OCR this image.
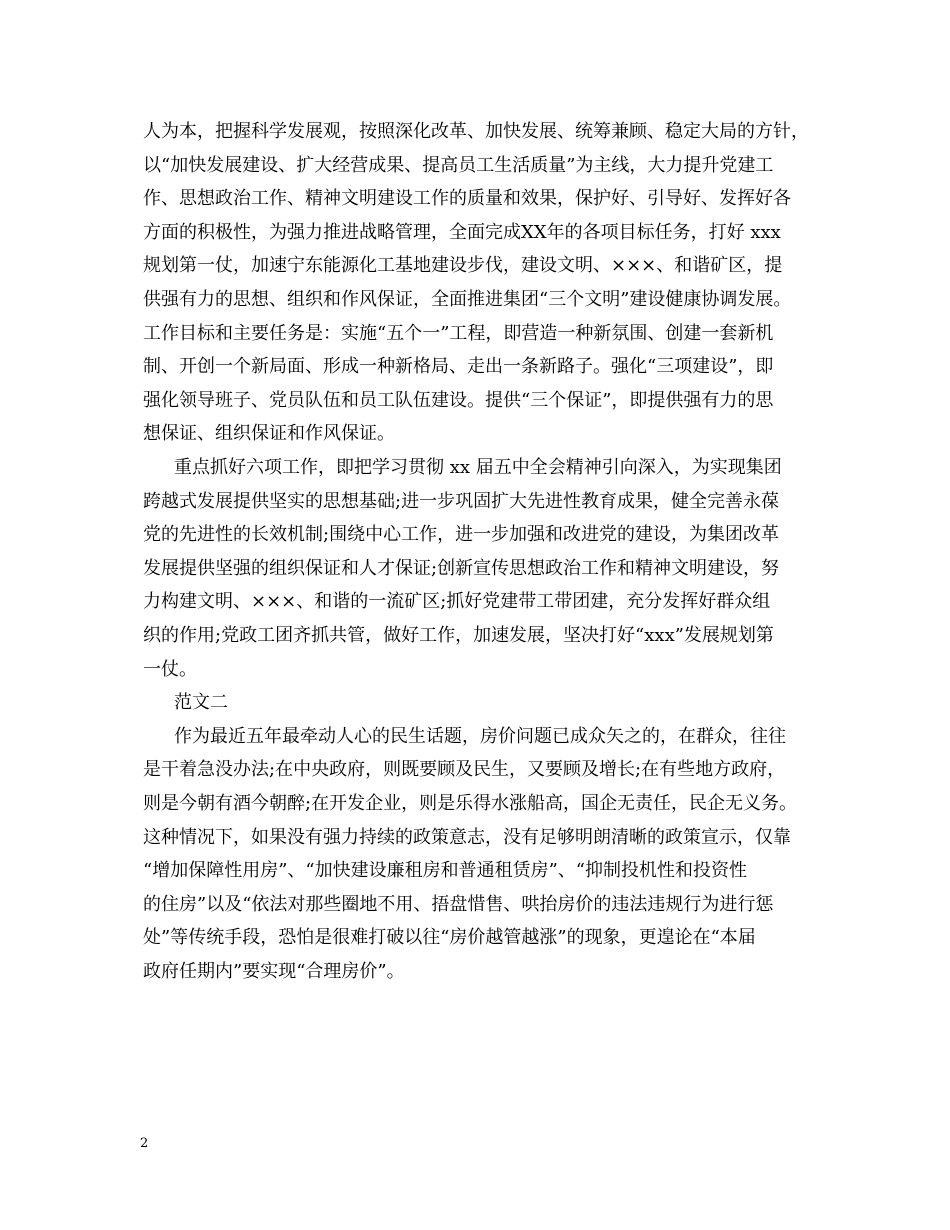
人为本，把握科学发展观，按照深化改革、加快发展、统筹兼顾、稳定大局的方针，
以“加快发展建设、扩大经营成果、提高员工生活质量”为主线，大力提升党建工
作、思想政治工作、精神文明建设工作的质量和效果，保护好、引导好、发挥好各
方面的积极性，为强力推进战略管理，全面完成XX年的各项目标任务，打好 xxx
规划第一仗，加速宁东能源化工基地建设步伐，建设文明、×××、和谐矿区，提
供强有力的思想、组织和作风保证，全面推进集团“三个文明”建设健康协调发展。
工作目标和主要任务是：实施“五个一”工程，即营造一种新氛围、创建一套新机
制、开创一个新局面、形成一种新格局、走出一条新路子。强化“三项建设”，即
强化领导班子、党员队伍和员工队伍建设。提供“三个保证”，即提供强有力的思
想保证、组织保证和作风保证。
重点抓好六项工作，即把学习贯彻 xx 届五中全会精神引向深入，为实现集团
跨越式发展提供坚实的思想基础;进一步巩固扩大先进性教育成果，健全完善永葆
党的先进性的长效机制;围绕中心工作，进一步加强和改进党的建设，为集团改革
发展提供坚强的组织保证和人才保证;创新宣传思想政治工作和精神文明建设，努
力构建文明、×××、和谐的一流矿区;抓好党建带工带团建，充分发挥好群众组
织的作用;党政工团齐抓共管，做好工作，加速发展，坚决打好“xxx”发展规划第
一仗。
范文二
作为最近五年最牵动人心的民生话题，房价问题已成众矢之的，在群众，往往
是干着急没办法;在中央政府，则既要顾及民生，又要顾及增长;在有些地方政府，
则是今朝有酒今朝醉;在开发企业，则是乐得水涨船高，国企无责任，民企无义务。
这种情况下，如果没有强力持续的政策意志，没有足够明朗清晰的政策宣示，仅靠
“增加保障性用房”、“加快建设廉租房和普通租赁房”、“抑制投机性和投资性
的住房”以及“依法对那些圈地不用、捂盘惜售、哄抬房价的违法违规行为进行惩
处”等传统手段，恐怕是很难打破以往“房价越管越涨”的现象，更遑论在“本届
政府任期内”要实现“合理房价”。
2
